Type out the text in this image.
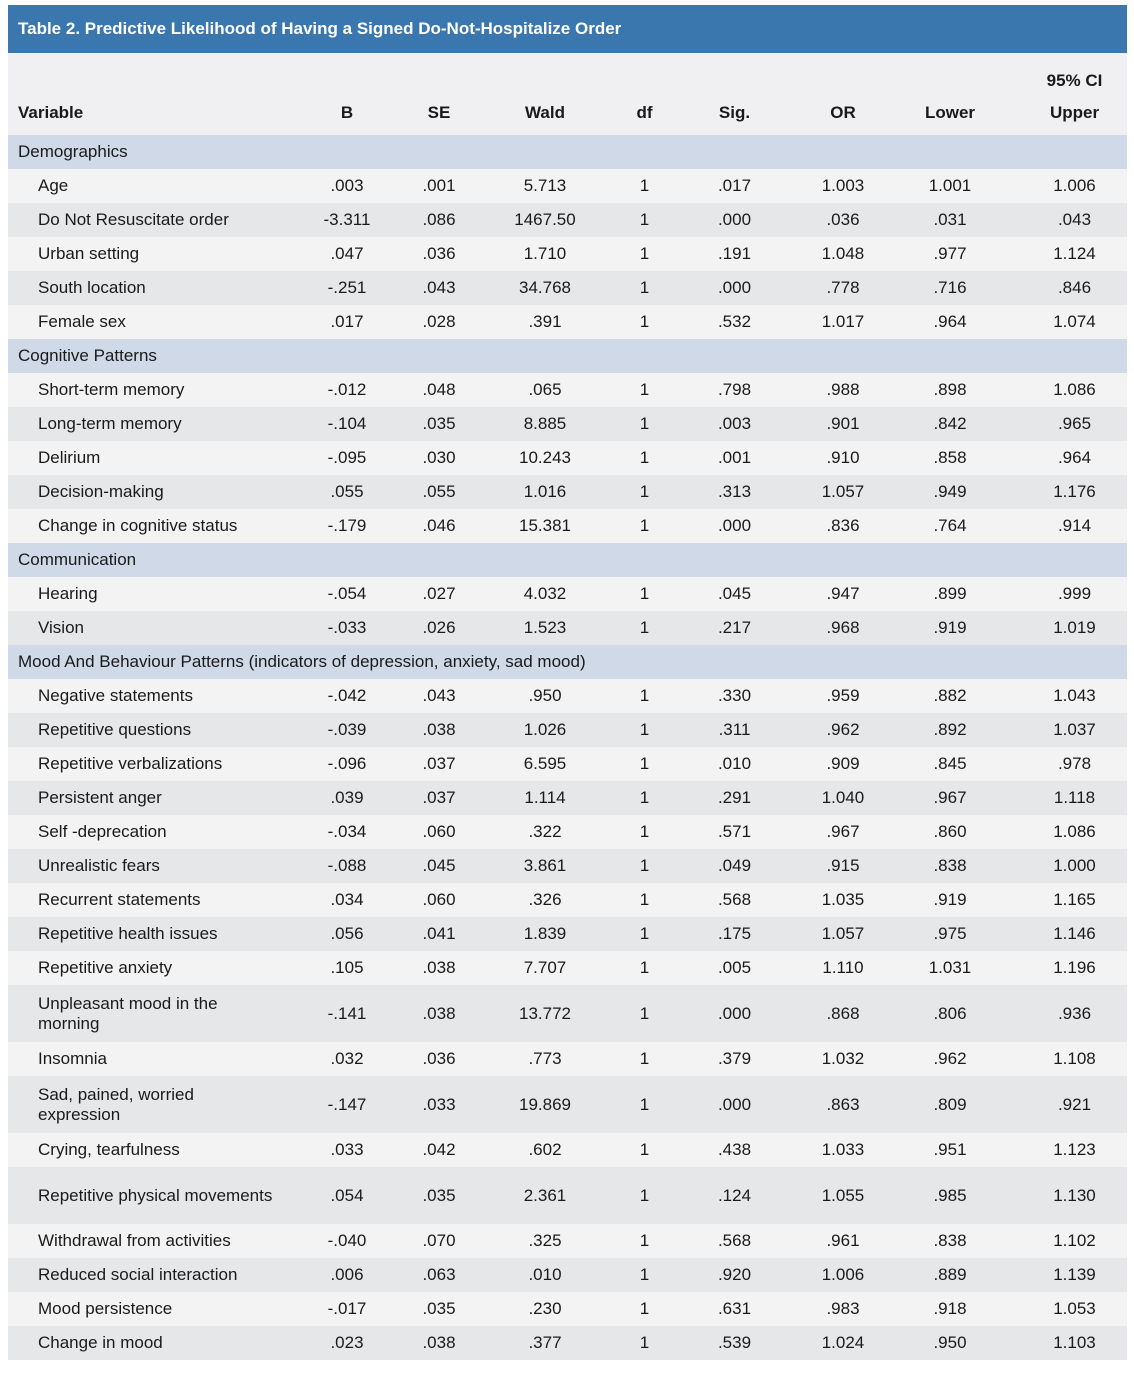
Table 2. Predictive Likelihood of Having a Signed Do-Not-Hospitalize Order
								95% CI
Variable	B	SE	Wald	df	Sig.	OR	Lower	Upper
Demographics								
Age	.003	.001	5.713	1	.017	1.003	1.001	1.006
Do Not Resuscitate order	-3.311	.086	1467.50	1	.000	.036	.031	.043
Urban setting	.047	.036	1.710	1	.191	1.048	.977	1.124
South location	-.251	.043	34.768	1	.000	.778	.716	.846
Female sex	.017	.028	.391	1	.532	1.017	.964	1.074
Cognitive Patterns								
Short-term memory	-.012	.048	.065	1	.798	.988	.898	1.086
Long-term memory	-.104	.035	8.885	1	.003	.901	.842	.965
Delirium	-.095	.030	10.243	1	.001	.910	.858	.964
Decision-making	.055	.055	1.016	1	.313	1.057	.949	1.176
Change in cognitive status	-.179	.046	15.381	1	.000	.836	.764	.914
Communication								
Hearing	-.054	.027	4.032	1	.045	.947	.899	.999
Vision	-.033	.026	1.523	1	.217	.968	.919	1.019
Mood And Behaviour Patterns (indicators of depression, anxiety, sad mood)								
Negative statements	-.042	.043	.950	1	.330	.959	.882	1.043
Repetitive questions	-.039	.038	1.026	1	.311	.962	.892	1.037
Repetitive verbalizations	-.096	.037	6.595	1	.010	.909	.845	.978
Persistent anger	.039	.037	1.114	1	.291	1.040	.967	1.118
Self -deprecation	-.034	.060	.322	1	.571	.967	.860	1.086
Unrealistic fears	-.088	.045	3.861	1	.049	.915	.838	1.000
Recurrent statements	.034	.060	.326	1	.568	1.035	.919	1.165
Repetitive health issues	.056	.041	1.839	1	.175	1.057	.975	1.146
Repetitive anxiety	.105	.038	7.707	1	.005	1.110	1.031	1.196
Unpleasant mood in the morning	-.141	.038	13.772	1	.000	.868	.806	.936
Insomnia	.032	.036	.773	1	.379	1.032	.962	1.108
Sad, pained, worried expression	-.147	.033	19.869	1	.000	.863	.809	.921
Crying, tearfulness	.033	.042	.602	1	.438	1.033	.951	1.123
Repetitive physical movements	.054	.035	2.361	1	.124	1.055	.985	1.130
Withdrawal from activities	-.040	.070	.325	1	.568	.961	.838	1.102
Reduced social interaction	.006	.063	.010	1	.920	1.006	.889	1.139
Mood persistence	-.017	.035	.230	1	.631	.983	.918	1.053
Change in mood	.023	.038	.377	1	.539	1.024	.950	1.103
